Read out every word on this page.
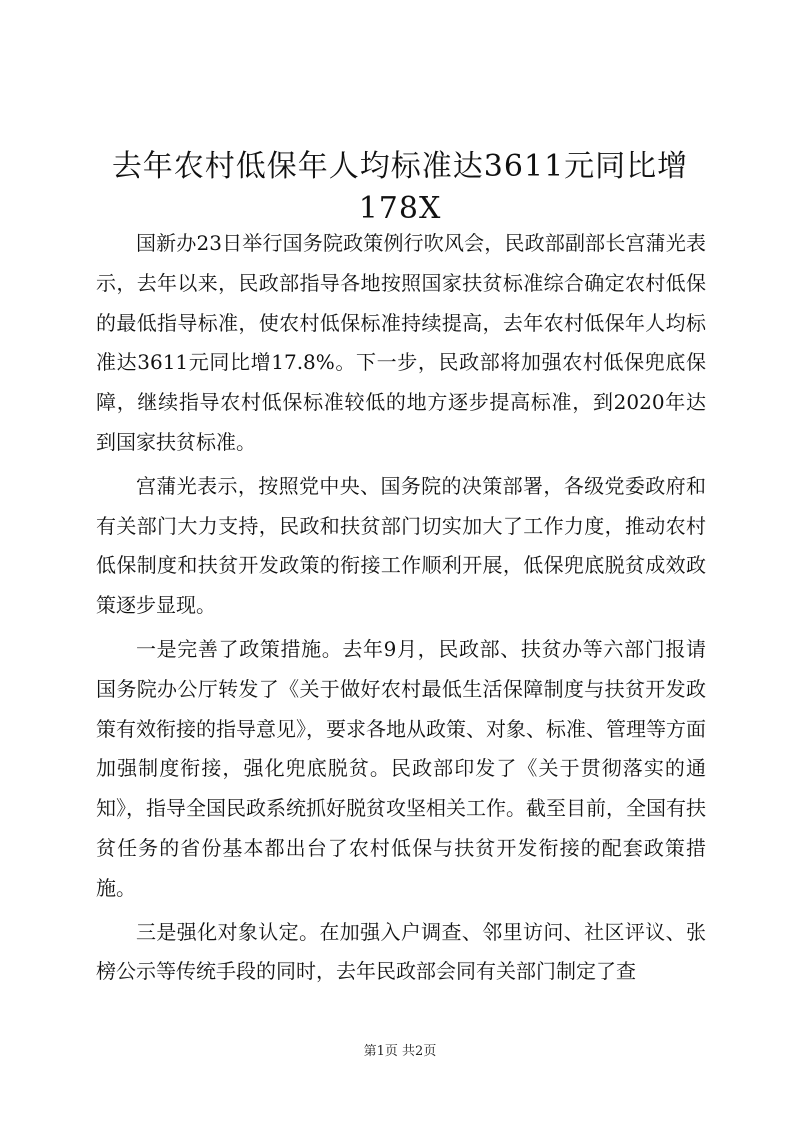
去年农村低保年人均标准达3611元同比增178X

国新办23日举行国务院政策例行吹风会，民政部副部长宫蒲光表示，去年以来，民政部指导各地按照国家扶贫标准综合确定农村低保的最低指导标准，使农村低保标准持续提高，去年农村低保年人均标准达3611元同比增17.8%。下一步，民政部将加强农村低保兜底保障，继续指导农村低保标准较低的地方逐步提高标准，到2020年达到国家扶贫标准。

宫蒲光表示，按照党中央、国务院的决策部署，各级党委政府和有关部门大力支持，民政和扶贫部门切实加大了工作力度，推动农村低保制度和扶贫开发政策的衔接工作顺利开展，低保兜底脱贫成效政策逐步显现。

一是完善了政策措施。去年9月，民政部、扶贫办等六部门报请国务院办公厅转发了《关于做好农村最低生活保障制度与扶贫开发政策有效衔接的指导意见》，要求各地从政策、对象、标准、管理等方面加强制度衔接，强化兜底脱贫。民政部印发了《关于贯彻落实的通知》，指导全国民政系统抓好脱贫攻坚相关工作。截至目前，全国有扶贫任务的省份基本都出台了农村低保与扶贫开发衔接的配套政策措施。

三是强化对象认定。在加强入户调查、邻里访问、社区评议、张榜公示等传统手段的同时，去年民政部会同有关部门制定了查

第1页 共2页
